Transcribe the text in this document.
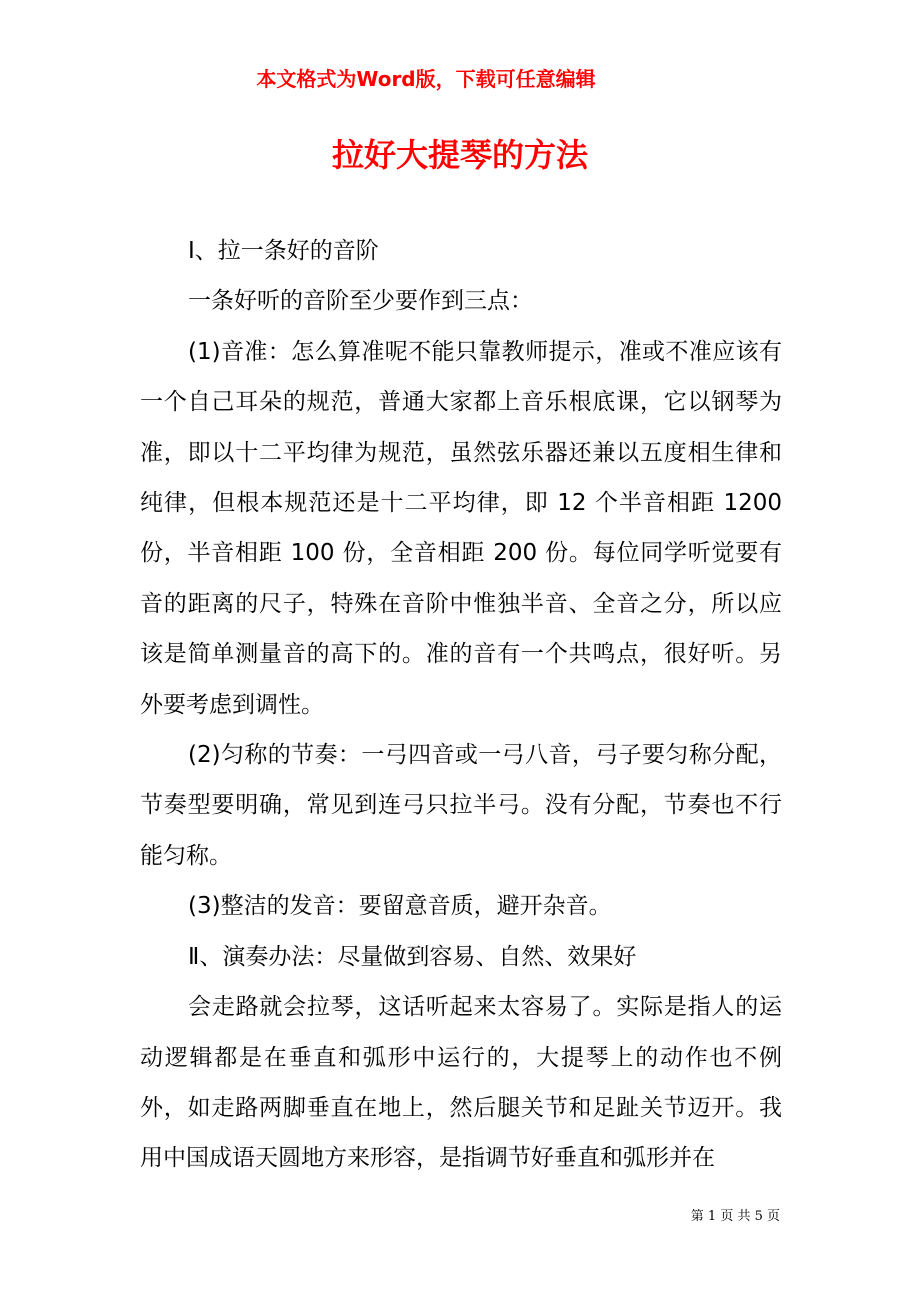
本文格式为Word版，下载可任意编辑

拉好大提琴的方法

Ⅰ、拉一条好的音阶

一条好听的音阶至少要作到三点：

(1)音准：怎么算准呢不能只靠教师提示，准或不准应该有一个自己耳朵的规范，普通大家都上音乐根底课，它以钢琴为准，即以十二平均律为规范，虽然弦乐器还兼以五度相生律和纯律，但根本规范还是十二平均律，即 12 个半音相距 1200 份，半音相距 100 份，全音相距 200 份。每位同学听觉要有音的距离的尺子，特殊在音阶中惟独半音、全音之分，所以应该是简单测量音的高下的。准的音有一个共鸣点，很好听。另外要考虑到调性。

(2)匀称的节奏：一弓四音或一弓八音，弓子要匀称分配，节奏型要明确，常见到连弓只拉半弓。没有分配，节奏也不行能匀称。

(3)整洁的发音：要留意音质，避开杂音。

Ⅱ、演奏办法：尽量做到容易、自然、效果好

会走路就会拉琴，这话听起来太容易了。实际是指人的运动逻辑都是在垂直和弧形中运行的，大提琴上的动作也不例外，如走路两脚垂直在地上，然后腿关节和足趾关节迈开。我用中国成语天圆地方来形容，是指调节好垂直和弧形并在

第 1 页 共 5 页
